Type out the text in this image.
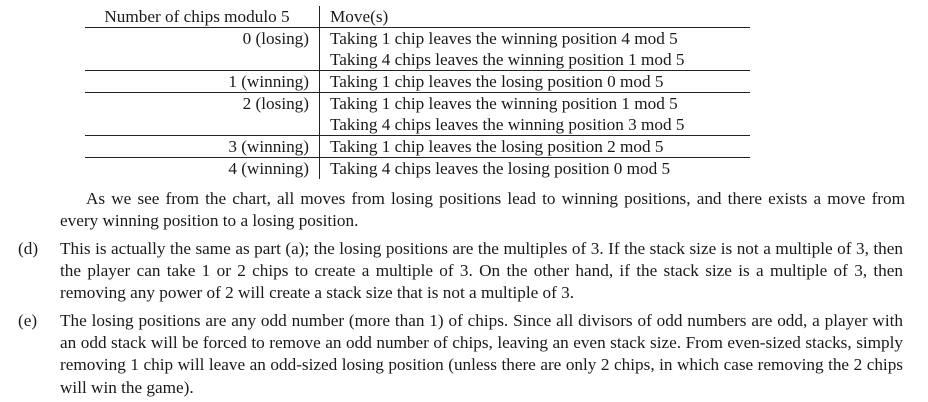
Number of chips modulo 5	Move(s)
0 (losing)	Taking 1 chip leaves the winning position 4 mod 5
	Taking 4 chips leaves the winning position 1 mod 5
1 (winning)	Taking 1 chip leaves the losing position 0 mod 5
2 (losing)	Taking 1 chip leaves the winning position 1 mod 5
	Taking 4 chips leaves the winning position 3 mod 5
3 (winning)	Taking 1 chip leaves the losing position 2 mod 5
4 (winning)	Taking 4 chips leaves the losing position 0 mod 5

As we see from the chart, all moves from losing positions lead to winning positions, and there exists a move from every winning position to a losing position.

(d)	This is actually the same as part (a); the losing positions are the multiples of 3. If the stack size is not a multiple of 3, then the player can take 1 or 2 chips to create a multiple of 3. On the other hand, if the stack size is a multiple of 3, then removing any power of 2 will create a stack size that is not a multiple of 3.

(e)	The losing positions are any odd number (more than 1) of chips. Since all divisors of odd numbers are odd, a player with an odd stack will be forced to remove an odd number of chips, leaving an even stack size. From even-sized stacks, simply removing 1 chip will leave an odd-sized losing position (unless there are only 2 chips, in which case removing the 2 chips will win the game).
